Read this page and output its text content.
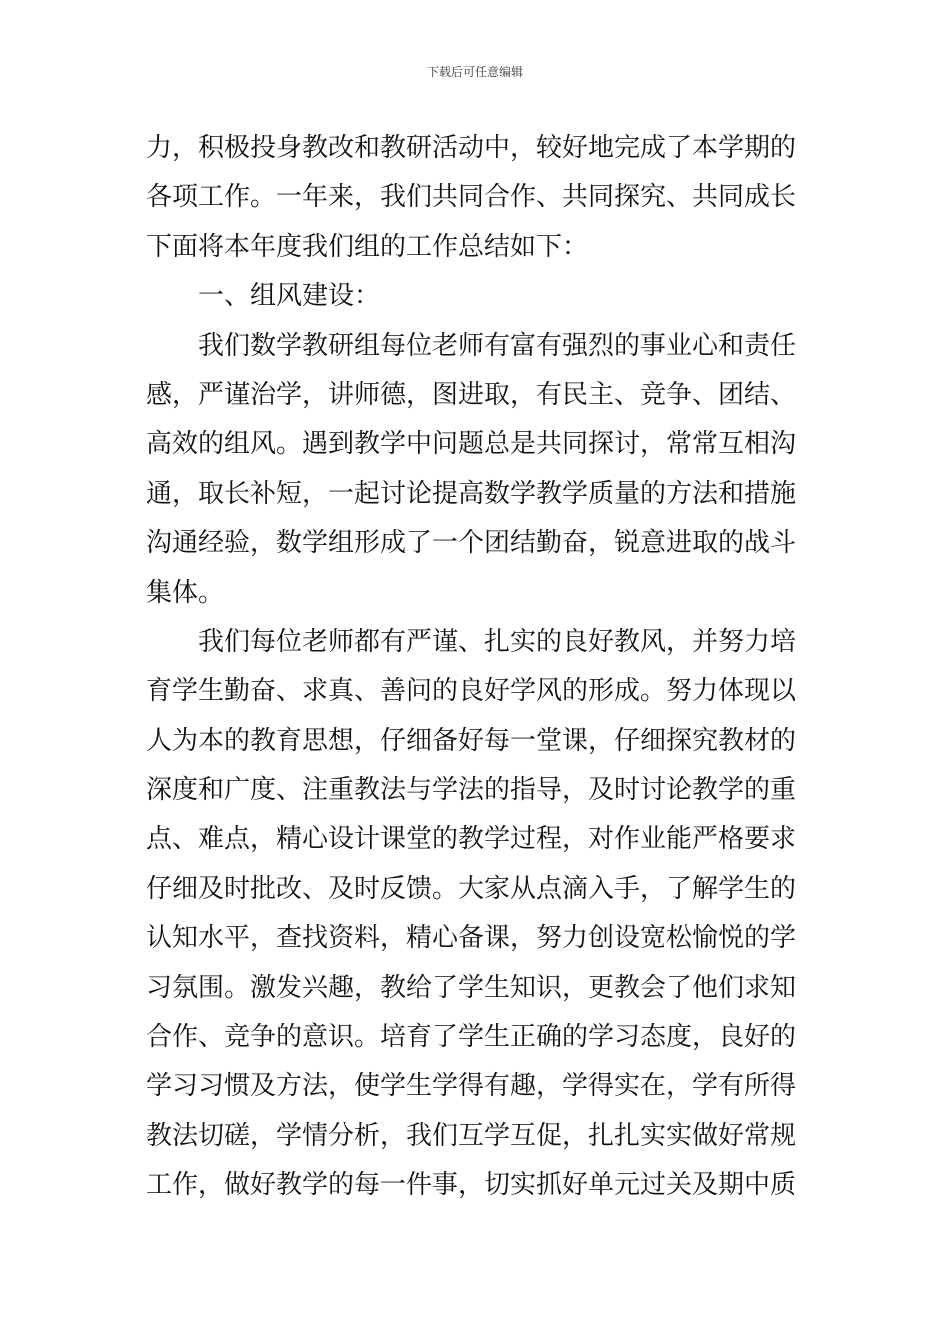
下载后可任意编辑
力，积极投身教改和教研活动中，较好地完成了本学期的
各项工作。一年来，我们共同合作、共同探究、共同成长
下面将本年度我们组的工作总结如下：
一、组风建设：
我们数学教研组每位老师有富有强烈的事业心和责任
感，严谨治学，讲师德，图进取，有民主、竞争、团结、
高效的组风。遇到教学中问题总是共同探讨，常常互相沟
通，取长补短，一起讨论提高数学教学质量的方法和措施
沟通经验，数学组形成了一个团结勤奋，锐意进取的战斗
集体。
我们每位老师都有严谨、扎实的良好教风，并努力培
育学生勤奋、求真、善问的良好学风的形成。努力体现以
人为本的教育思想，仔细备好每一堂课，仔细探究教材的
深度和广度、注重教法与学法的指导，及时讨论教学的重
点、难点，精心设计课堂的教学过程，对作业能严格要求
仔细及时批改、及时反馈。大家从点滴入手，了解学生的
认知水平，查找资料，精心备课，努力创设宽松愉悦的学
习氛围。激发兴趣，教给了学生知识，更教会了他们求知
合作、竞争的意识。培育了学生正确的学习态度，良好的
学习习惯及方法，使学生学得有趣，学得实在，学有所得
教法切磋，学情分析，我们互学互促，扎扎实实做好常规
工作，做好教学的每一件事，切实抓好单元过关及期中质
